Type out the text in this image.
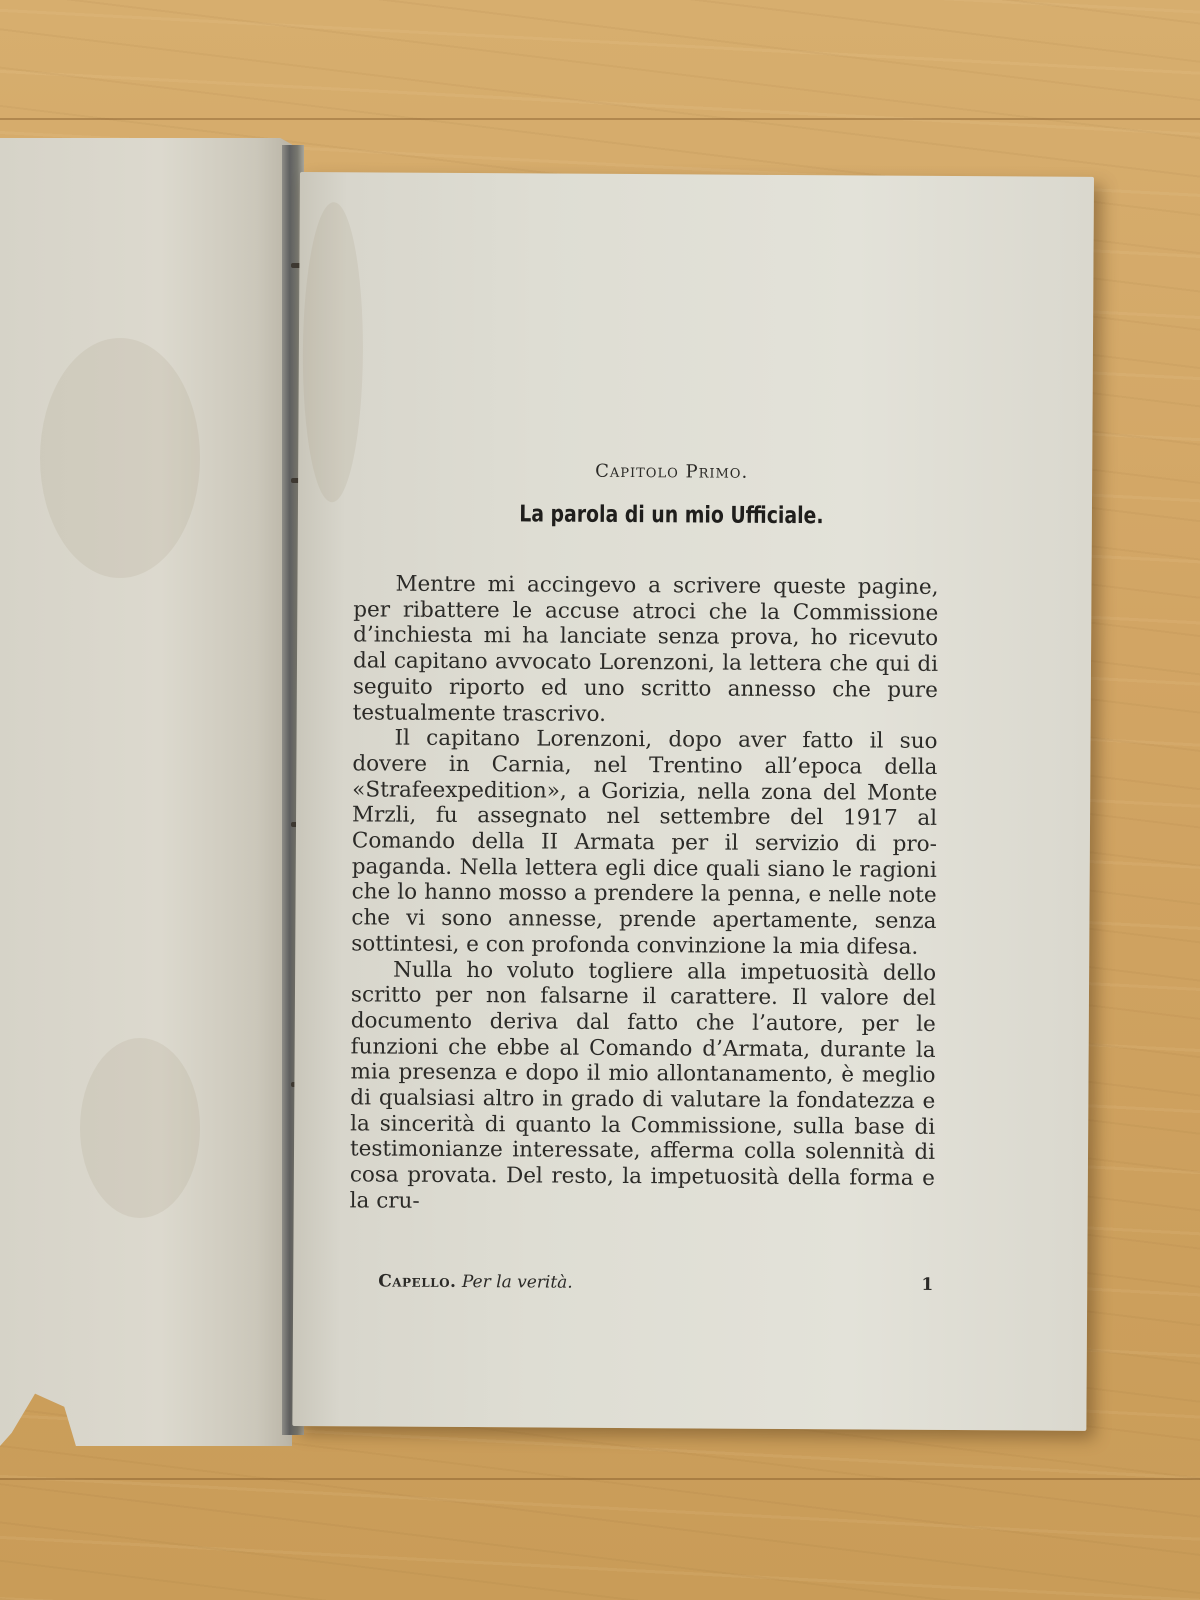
Capitolo Primo.
La parola di un mio Ufficiale.

Mentre mi accingevo a scrivere queste pagine, per ribattere le accuse atroci che la Commissione d’inchiesta mi ha lanciate senza prova, ho ricevuto dal capitano avvocato Lorenzoni, la lettera che qui di seguito riporto ed uno scritto annesso che pure testualmente trascrivo.

Il capitano Lorenzoni, dopo aver fatto il suo dovere in Carnia, nel Trentino all’epoca della «Strafeexpedition», a Gorizia, nella zona del Monte Mrzli, fu assegnato nel settembre del 1917 al Comando della II Armata per il servizio di propaganda. Nella lettera egli dice quali siano le ragioni che lo hanno mosso a prendere la penna, e nelle note che vi sono annesse, prende apertamente, senza sottintesi, e con profonda convinzione la mia difesa.

Nulla ho voluto togliere alla impetuosità dello scritto per non falsarne il carattere. Il valore del documento deriva dal fatto che l’autore, per le funzioni che ebbe al Comando d’Armata, durante la mia presenza e dopo il mio allontanamento, è meglio di qualsiasi altro in grado di valutare la fondatezza e la sincerità di quanto la Commissione, sulla base di testimonianze interessate, afferma colla solennità di cosa provata. Del resto, la impetuosità della forma e la cru-

Capello. Per la verità.	1
